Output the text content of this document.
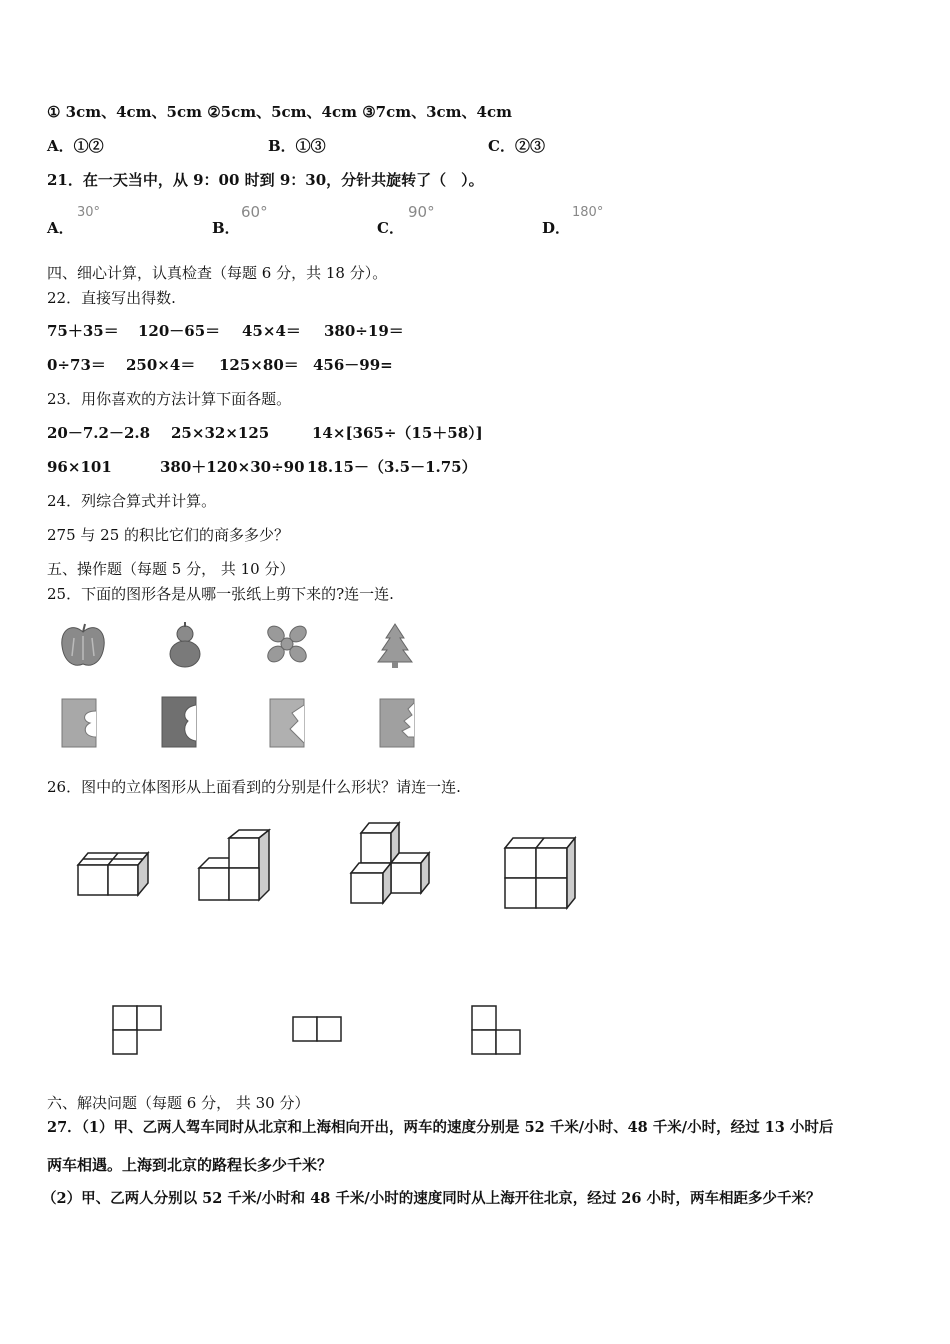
① 3cm、4cm、5cm ②5cm、5cm、4cm ③7cm、3cm、4cm
A．①②	B．①③	C．②③
21．在一天当中，从 9：00 时到 9：30，分针共旋转了（　）。
A．
30°
B．
60°
C．
90°
D．
180°
四、细心计算，认真检查（每题 6 分，共 18 分）。
22．直接写出得数.
75＋35＝ 120－65＝ 45×4＝ 380÷19＝
0÷73＝ 250×4＝ 125×80＝ 456－99=
23．用你喜欢的方法计算下面各题。
20－7.2－2.8 25×32×125	14×[365÷（15＋58）]
96×101	380＋120×30÷90 18.15－（3.5－1.75）
24．列综合算式并计算。
275 与 25 的积比它们的商多多少？
五、操作题（每题 5 分， 共 10 分）
25．下面的图形各是从哪一张纸上剪下来的?连一连.
26．图中的立体图形从上面看到的分别是什么形状？请连一连.
六、解决问题（每题 6 分， 共 30 分）
27．（1）甲、乙两人驾车同时从北京和上海相向开出，两车的速度分别是 52 千米/小时、48 千米/小时，经过 13 小时后
两车相遇。上海到北京的路程长多少千米？
（2）甲、乙两人分别以 52 千米/小时和 48 千米/小时的速度同时从上海开往北京，经过 26 小时，两车相距多少千米？
